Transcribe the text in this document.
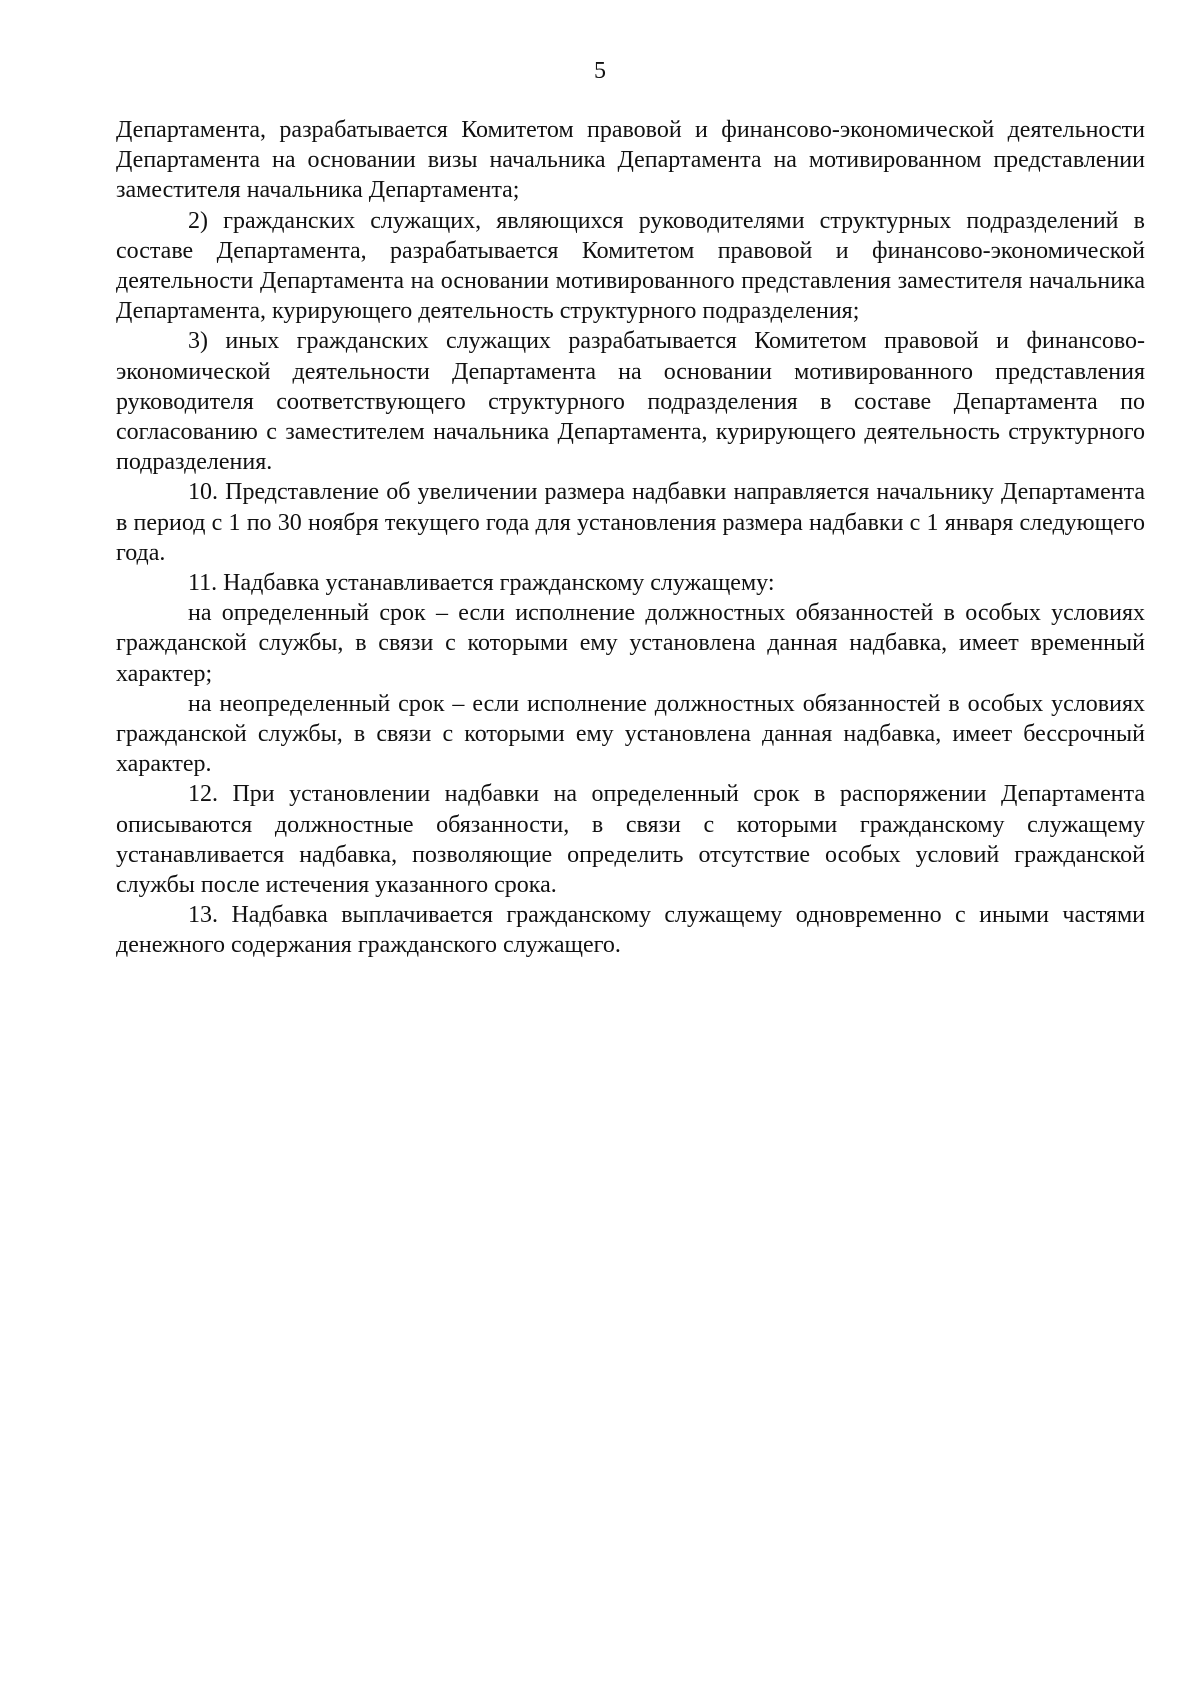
5

Департамента, разрабатывается Комитетом правовой и финансово-экономической деятельности Департамента на основании визы начальника Департамента на мотивированном представлении заместителя начальника Департамента;

2) гражданских служащих, являющихся руководителями структурных подразделений в составе Департамента, разрабатывается Комитетом правовой и финансово-экономической деятельности Департамента на основании мотивированного представления заместителя начальника Департамента, курирующего деятельность структурного подразделения;

3) иных гражданских служащих разрабатывается Комитетом правовой и финансово-экономической деятельности Департамента на основании мотивированного представления руководителя соответствующего структурного подразделения в составе Департамента по согласованию с заместителем начальника Департамента, курирующего деятельность структурного подразделения.

10. Представление об увеличении размера надбавки направляется начальнику Департамента в период с 1 по 30 ноября текущего года для установления размера надбавки с 1 января следующего года.

11. Надбавка устанавливается гражданскому служащему:

на определенный срок – если исполнение должностных обязанностей в особых условиях гражданской службы, в связи с которыми ему установлена данная надбавка, имеет временный характер;

на неопределенный срок – если исполнение должностных обязанностей в особых условиях гражданской службы, в связи с которыми ему установлена данная надбавка, имеет бессрочный характер.

12. При установлении надбавки на определенный срок в распоряжении Департамента описываются должностные обязанности, в связи с которыми гражданскому служащему устанавливается надбавка, позволяющие определить отсутствие особых условий гражданской службы после истечения указанного срока.

13. Надбавка выплачивается гражданскому служащему одновременно с иными частями денежного содержания гражданского служащего.
